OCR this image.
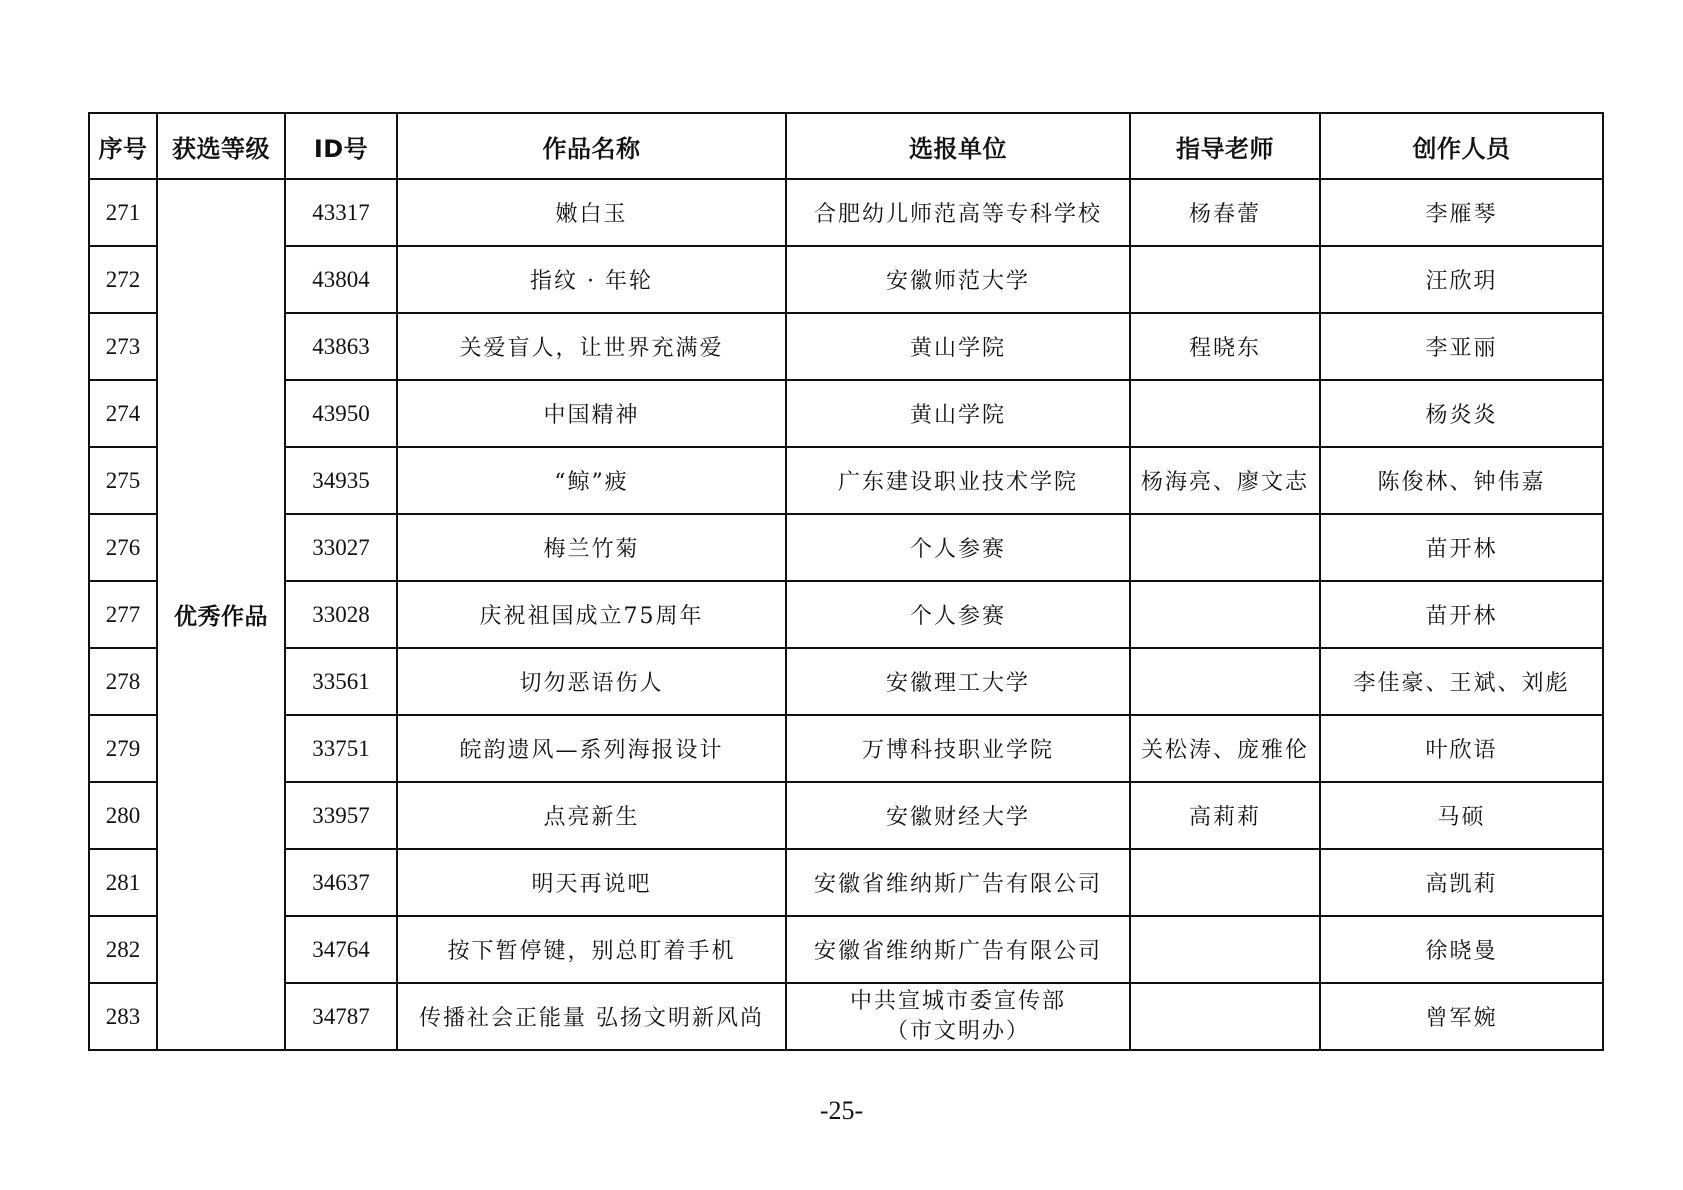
序号	获选等级	ID号	作品名称	选报单位	指导老师	创作人员
271	优秀作品	43317	嫩白玉	合肥幼儿师范高等专科学校	杨春蕾	李雁琴
272		43804	指纹 · 年轮	安徽师范大学		汪欣玥
273		43863	关爱盲人，让世界充满爱	黄山学院	程晓东	李亚丽
274		43950	中国精神	黄山学院		杨炎炎
275		34935	“鲸”疲	广东建设职业技术学院	杨海亮、廖文志	陈俊林、钟伟嘉
276		33027	梅兰竹菊	个人参赛		苗开林
277		33028	庆祝祖国成立75周年	个人参赛		苗开林
278		33561	切勿恶语伤人	安徽理工大学		李佳豪、王斌、刘彪
279		33751	皖韵遗风—系列海报设计	万博科技职业学院	关松涛、庞雅伦	叶欣语
280		33957	点亮新生	安徽财经大学	高莉莉	马硕
281		34637	明天再说吧	安徽省维纳斯广告有限公司		高凯莉
282		34764	按下暂停键，别总盯着手机	安徽省维纳斯广告有限公司		徐晓曼
283		34787	传播社会正能量 弘扬文明新风尚	中共宣城市委宣传部
（市文明办）		曾军婉
-25-
